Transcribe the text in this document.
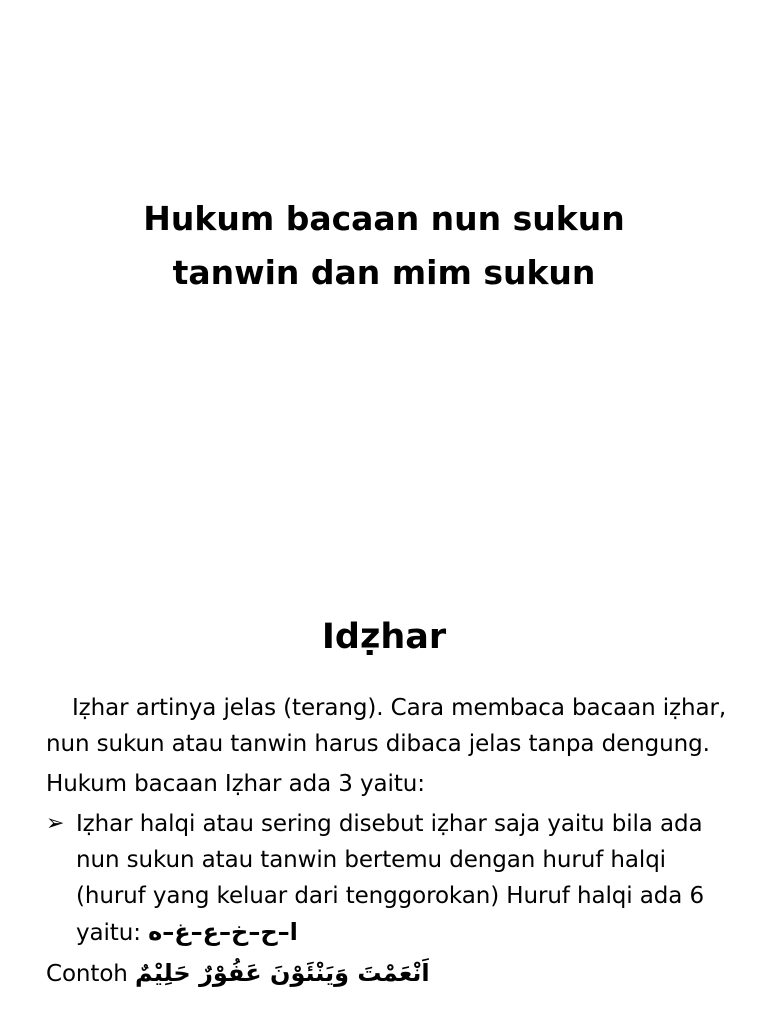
Hukum bacaan nun sukun
tanwin dan mim sukun
Idẓhar

Iẓhar artinya jelas (terang). Cara membaca bacaan iẓhar, nun sukun atau tanwin harus dibaca jelas tanpa dengung.

Hukum bacaan Iẓhar ada 3 yaitu:

➢ Iẓhar halqi atau sering disebut iẓhar saja yaitu bila ada nun sukun atau tanwin bertemu dengan huruf halqi (huruf yang keluar dari tenggorokan) Huruf halqi ada 6 yaitu: ا–ح–خ–ع–غ–ه

Contoh اَنْعَمْتَ وَيَنْئَوْنَ عَفُوْرٌ حَلِيْمٌ
